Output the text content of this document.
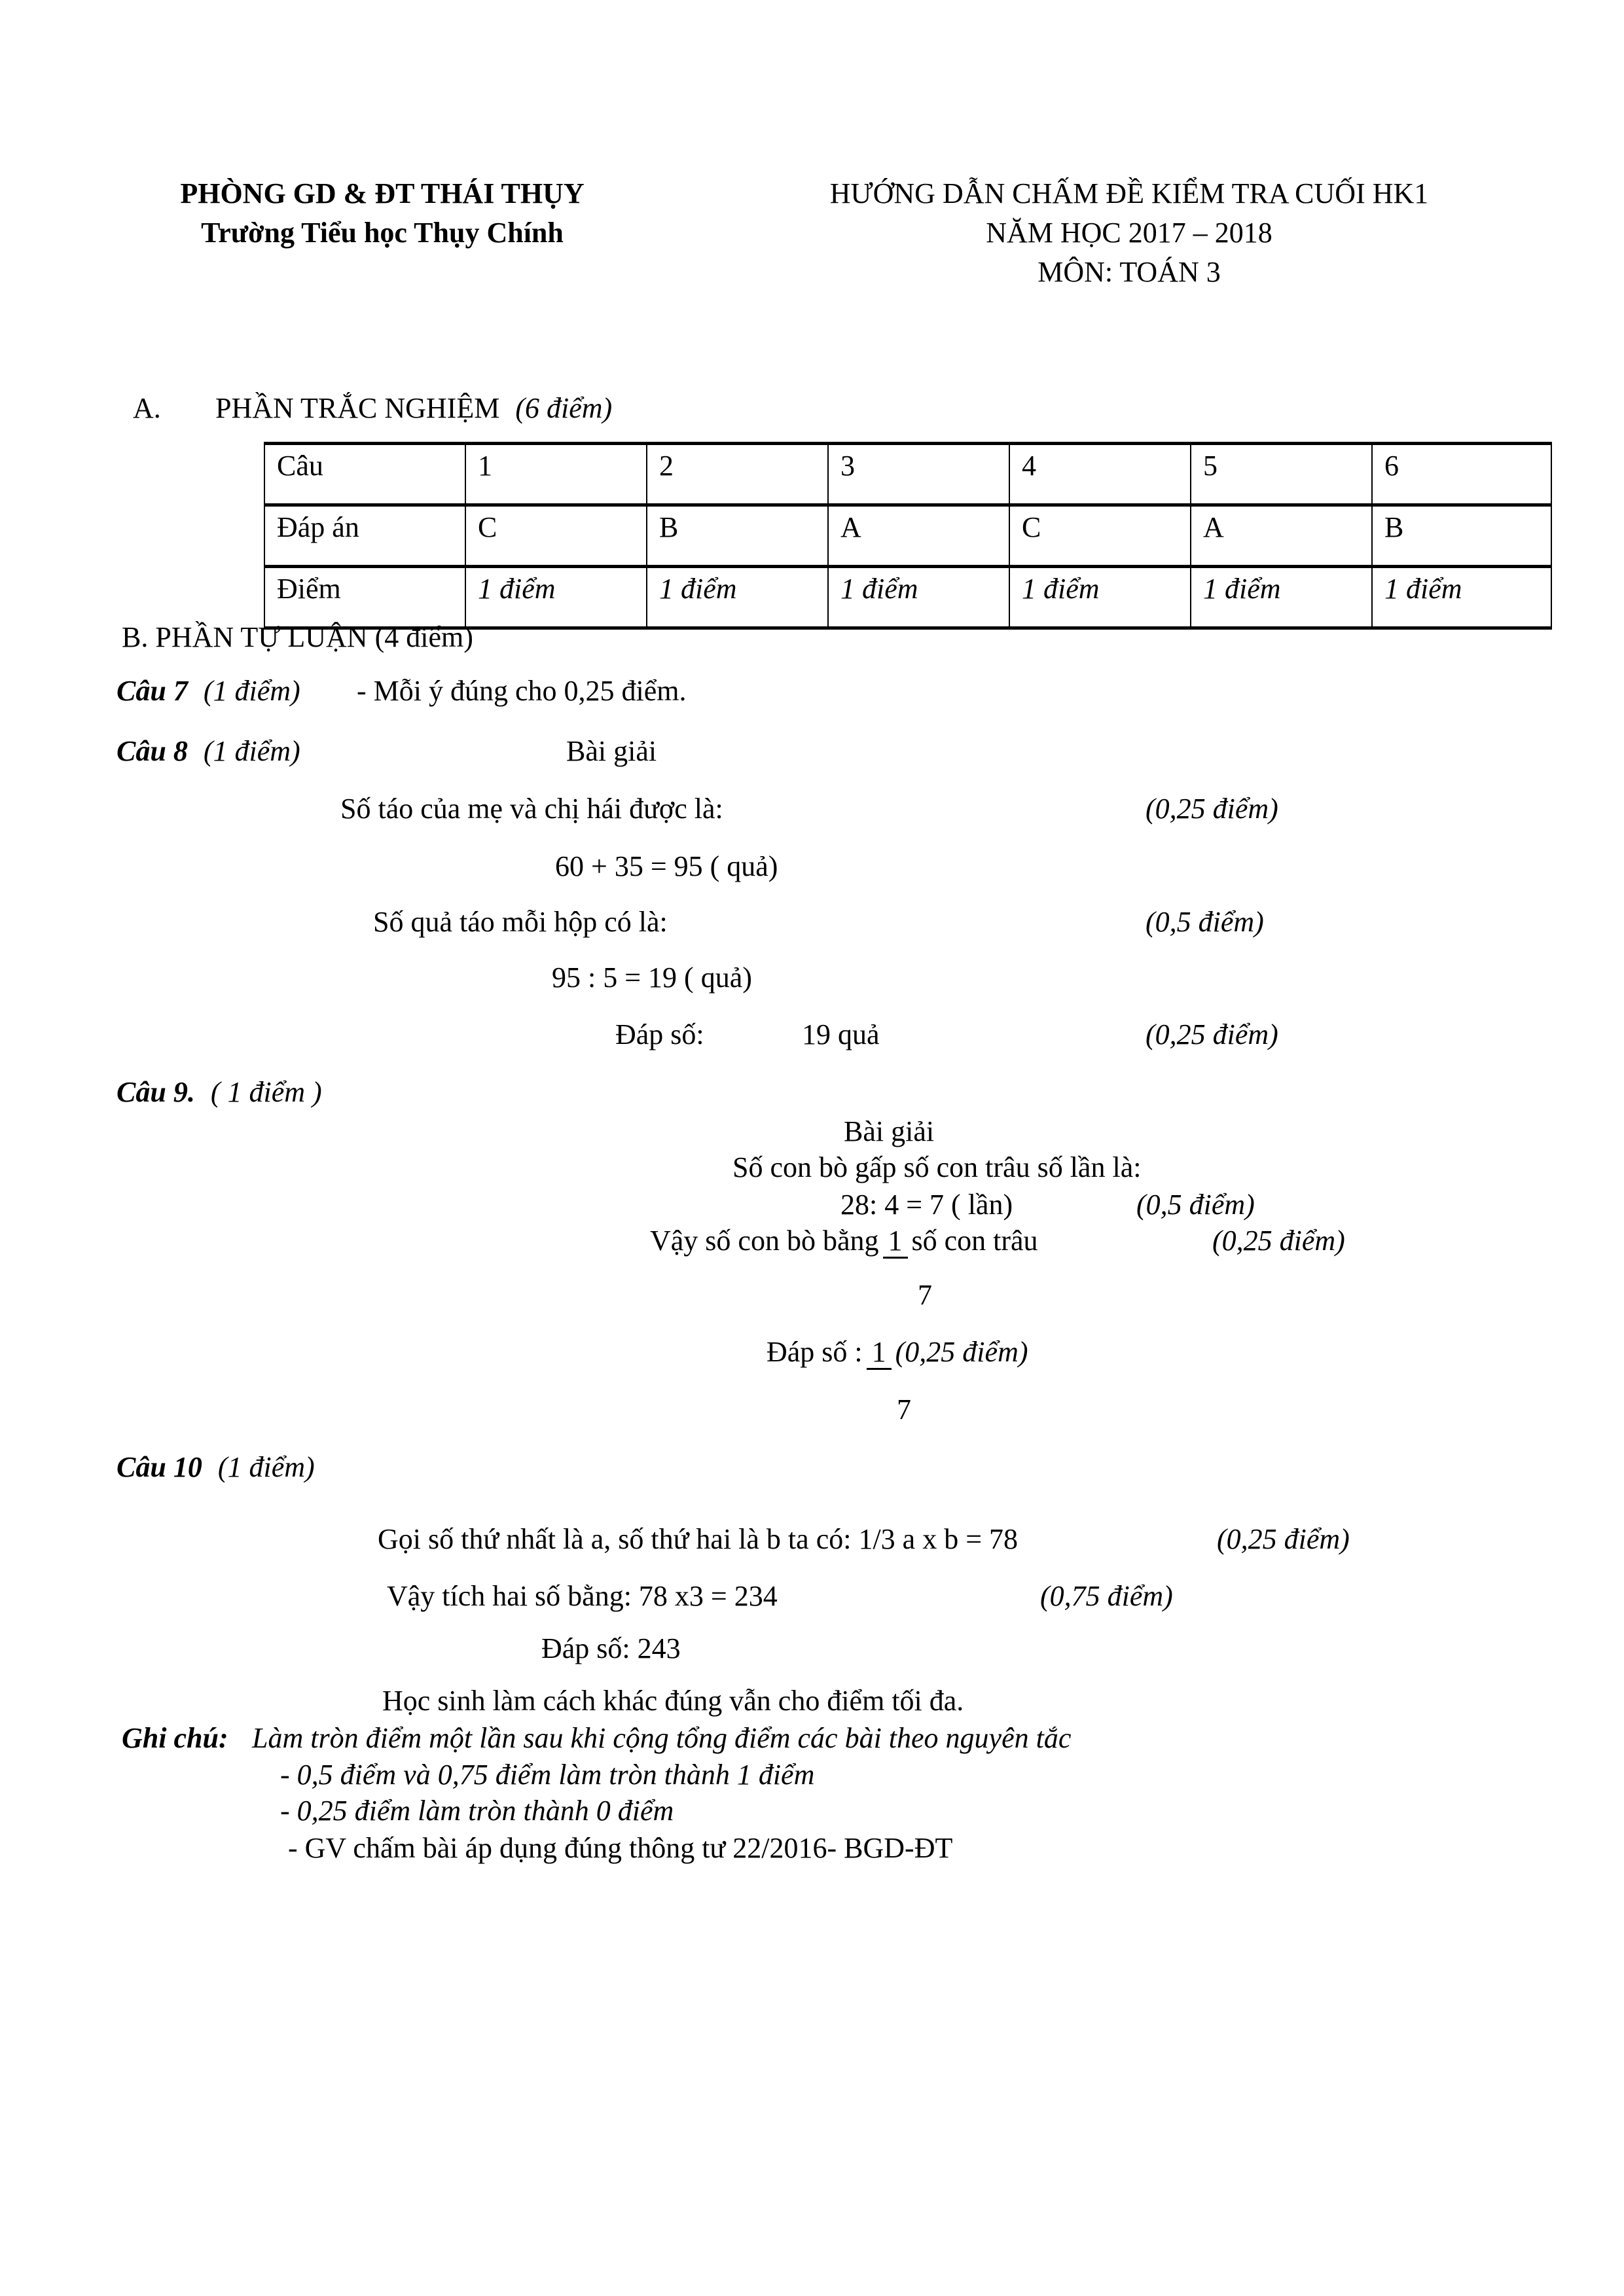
PHÒNG GD & ĐT THÁI THỤY
Trường Tiểu học Thụy Chính
HƯỚNG DẪN CHẤM ĐỀ KIỂM TRA CUỐI HK1
NĂM HỌC 2017 – 2018
MÔN: TOÁN 3
A. PHẦN TRẮC NGHIỆM (6 điểm)
Câu	1	2	3	4	5	6
Đáp án	C	B	A	C	A	B
Điểm	1 điểm	1 điểm	1 điểm	1 điểm	1 điểm	1 điểm
B. PHẦN TỰ LUẬN (4 điểm)
Câu 7 (1 điểm) - Mỗi ý đúng cho 0,25 điểm.
Câu 8 (1 điểm)	Bài giải
Số táo của mẹ và chị hái được là:	(0,25 điểm)
60 + 35 = 95 ( quả)
Số quả táo mỗi hộp có là:	(0,5 điểm)
95 : 5 = 19 ( quả)
Đáp số:	19 quả	(0,25 điểm)
Câu 9. ( 1 điểm )
Bài giải
Số con bò gấp số con trâu số lần là:
28: 4 = 7 ( lần)	(0,5 điểm)
Vậy số con bò bằng 1 số con trâu	(0,25 điểm)
7
Đáp số : 1 (0,25 điểm)
7
Câu 10 (1 điểm)
Gọi số thứ nhất là a, số thứ hai là b ta có: 1/3 a x b = 78	(0,25 điểm)
Vậy tích hai số bằng: 78 x3 = 234	(0,75 điểm)
Đáp số: 243
Học sinh làm cách khác đúng vẫn cho điểm tối đa.
Ghi chú: Làm tròn điểm một lần sau khi cộng tổng điểm các bài theo nguyên tắc
- 0,5 điểm và 0,75 điểm làm tròn thành 1 điểm
- 0,25 điểm làm tròn thành 0 điểm
- GV chấm bài áp dụng đúng thông tư 22/2016- BGD-ĐT
